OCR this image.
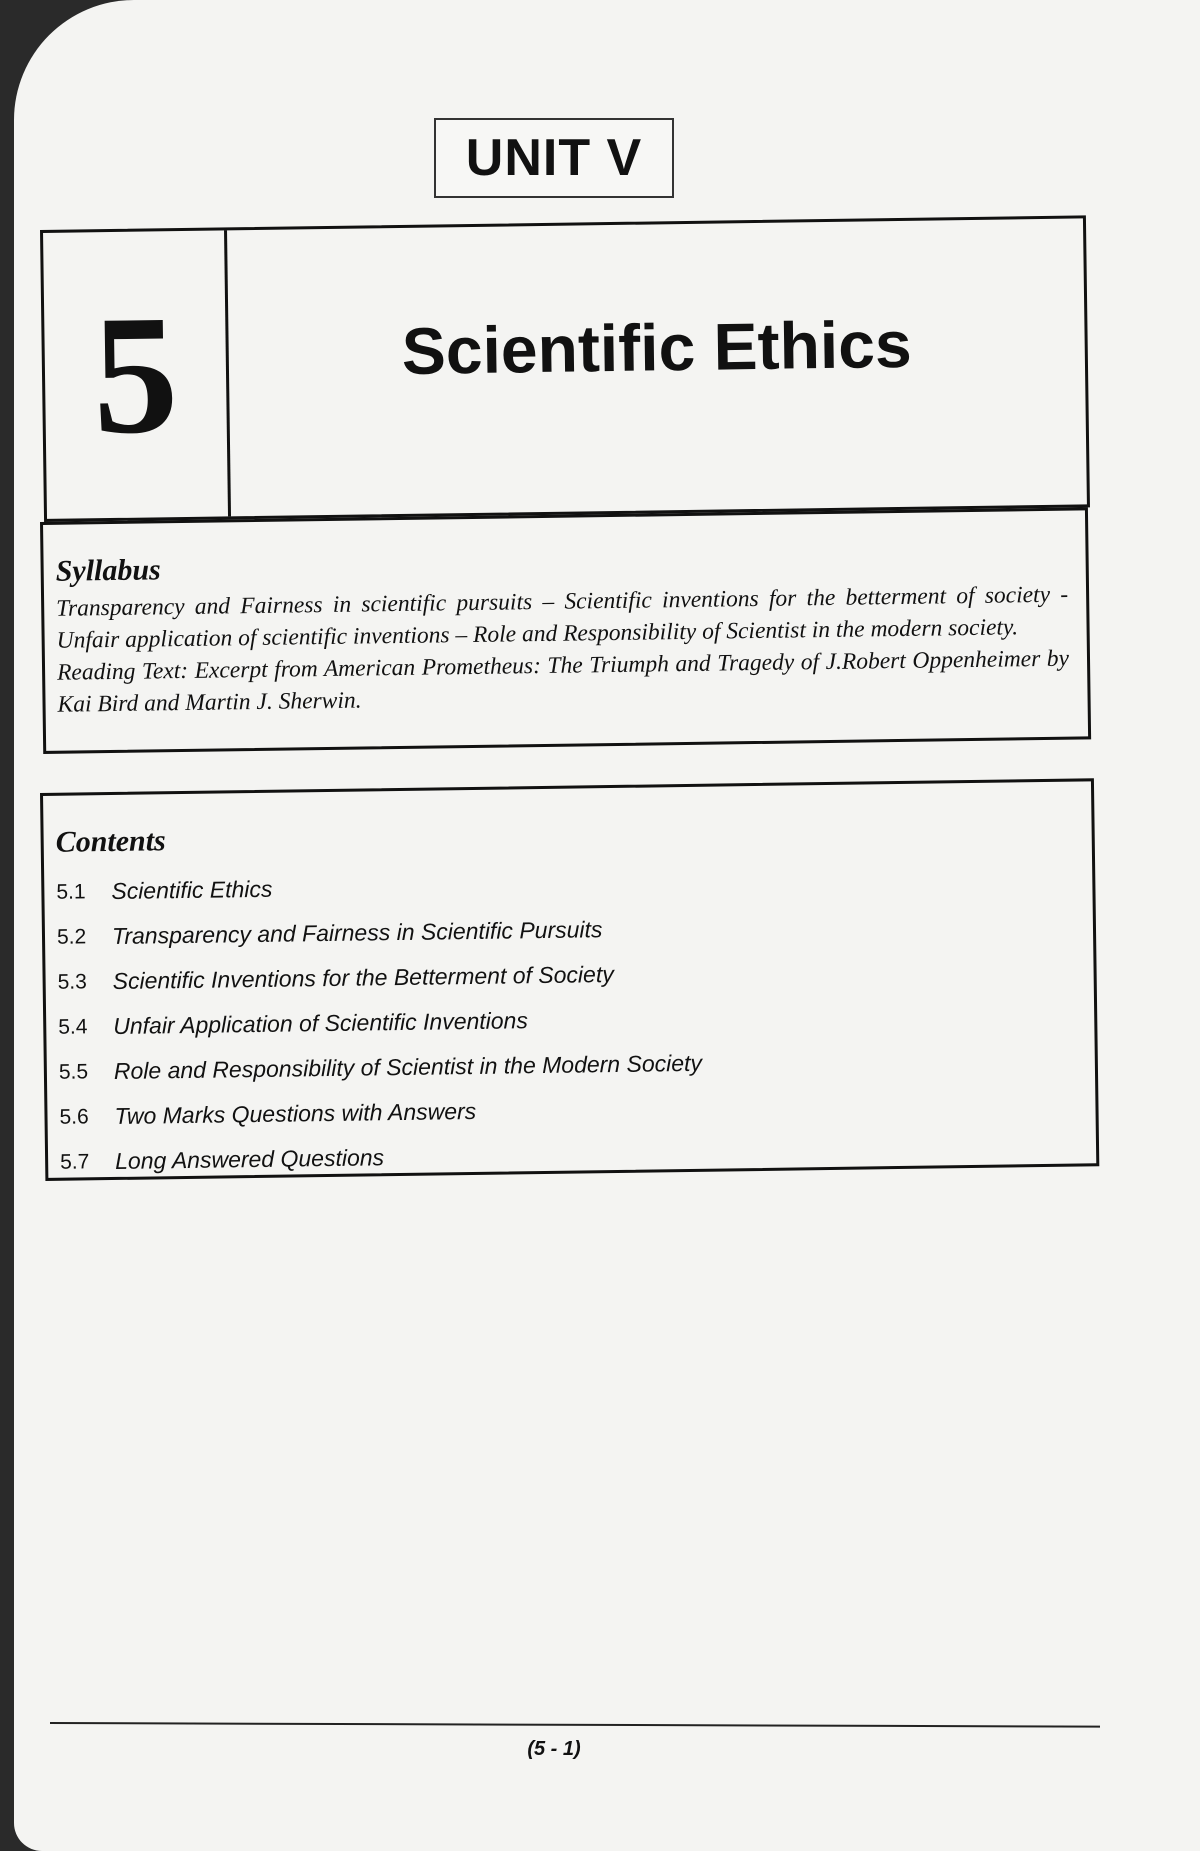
UNIT V
5	Scientific Ethics

Syllabus

Transparency and Fairness in scientific pursuits – Scientific inventions for the betterment of society - Unfair application of scientific inventions – Role and Responsibility of Scientist in the modern society.

Reading Text: Excerpt from American Prometheus: The Triumph and Tragedy of J.Robert Oppenheimer by Kai Bird and Martin J. Sherwin.

Contents

5.1	Scientific Ethics
5.2	Transparency and Fairness in Scientific Pursuits
5.3	Scientific Inventions for the Betterment of Society
5.4	Unfair Application of Scientific Inventions
5.5	Role and Responsibility of Scientist in the Modern Society
5.6	Two Marks Questions with Answers
5.7	Long Answered Questions
(5 - 1)
